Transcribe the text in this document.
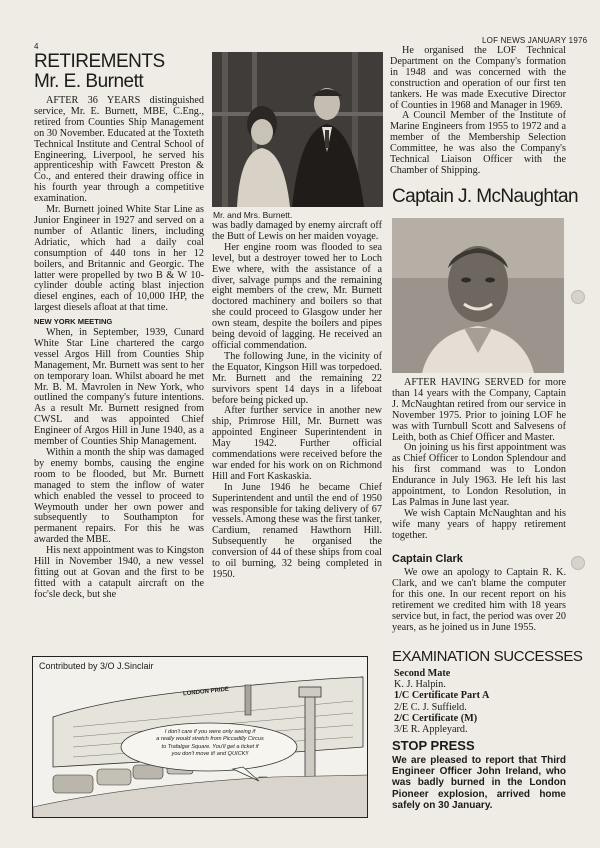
4
LOF NEWS JANUARY 1976
RETIREMENTS
Mr. E. Burnett

AFTER 36 YEARS distinguished service, Mr. E. Burnett, MBE, C.Eng., retired from Counties Ship Management on 30 November. Educated at the Toxteth Technical Institute and Central School of Engineering, Liverpool, he served his apprenticeship with Fawcett Preston & Co., and entered their drawing office in his fourth year through a competitive examination.

Mr. Burnett joined White Star Line as Junior Engineer in 1927 and served on a number of Atlantic liners, including Adriatic, which had a daily coal consumption of 440 tons in her 12 boilers, and Britannic and Georgic. The latter were propelled by two B & W 10-cylinder double acting blast injection diesel engines, each of 10,000 IHP, the largest diesels afloat at that time.

NEW YORK MEETING

When, in September, 1939, Cunard White Star Line chartered the cargo vessel Argos Hill from Counties Ship Management, Mr. Burnett was sent to her on temporary loan. Whilst aboard he met Mr. B. M. Mavrolen in New York, who outlined the company's future intentions. As a result Mr. Burnett resigned from CWSL and was appointed Chief Engineer of Argos Hill in June 1940, as a member of Counties Ship Management.

Within a month the ship was damaged by enemy bombs, causing the engine room to be flooded, but Mr. Burnett managed to stem the inflow of water which enabled the vessel to proceed to Weymouth under her own power and subsequently to Southampton for permanent repairs. For this he was awarded the MBE.

His next appointment was to Kingston Hill in November 1940, a new vessel fitting out at Govan and the first to be fitted with a catapult aircraft on the foc'sle deck, but she

Mr. and Mrs. Burnett.

was badly damaged by enemy aircraft off the Butt of Lewis on her maiden voyage.

Her engine room was flooded to sea level, but a destroyer towed her to Loch Ewe where, with the assistance of a diver, salvage pumps and the remaining eight members of the crew, Mr. Burnett doctored machinery and boilers so that she could proceed to Glasgow under her own steam, despite the boilers and pipes being devoid of lagging. He received an official commendation.

The following June, in the vicinity of the Equator, Kingson Hill was torpedoed. Mr. Burnett and the remaining 22 survivors spent 14 days in a lifeboat before being picked up.

After further service in another new ship, Primrose Hill, Mr. Burnett was appointed Engineer Superintendent in May 1942. Further official commendations were received before the war ended for his work on on Richmond Hill and Fort Kaskaskia.

In June 1946 he became Chief Superintendent and until the end of 1950 was responsible for taking delivery of 67 vessels. Among these was the first tanker, Cardium, renamed Hawthorn Hill. Subsequently he organised the conversion of 44 of these ships from coal to oil burning, 32 being completed in 1950.

He organised the LOF Technical Department on the Company's formation in 1948 and was concerned with the construction and operation of our first ten tankers. He was made Executive Director of Counties in 1968 and Manager in 1969.

A Council Member of the Institute of Marine Engineers from 1955 to 1972 and a member of the Membership Selection Committee, he was also the Company's Technical Liaison Officer with the Chamber of Shipping.

Captain J. McNaughtan

AFTER HAVING SERVED for more than 14 years with the Company, Captain J. McNaughtan retired from our service in November 1975. Prior to joining LOF he was with Turnbull Scott and Salvesens of Leith, both as Chief Officer and Master.

On joining us his first appointment was as Chief Officer to London Splendour and his first command was to London Endurance in July 1963. He left his last appointment, to London Resolution, in Las Palmas in June last year.

We wish Captain McNaughtan and his wife many years of happy retirement together.

Captain Clark

We owe an apology to Captain R. K. Clark, and we can't blame the computer for this one. In our recent report on his retirement we credited him with 18 years service but, in fact, the period was over 20 years, as he joined us in June 1955.

EXAMINATION SUCCESSES
Second Mate
K. J. Halpin.
1/C Certificate Part A
2/E C. J. Suffield.
2/C Certificate (M)
3/E R. Appleyard.
STOP PRESS
We are pleased to report that Third Engineer Officer John Ireland, who was badly burned in the London Pioneer explosion, arrived home safely on 30 January.
Contributed by 3/O J.Sinclair
LONDON PRIDE
I don't care if you were only seeing if
a really would stretch from Piccadilly Circus
to Trafalgar Square. You'll get a ticket if
you don't move it! and QUICK!!
